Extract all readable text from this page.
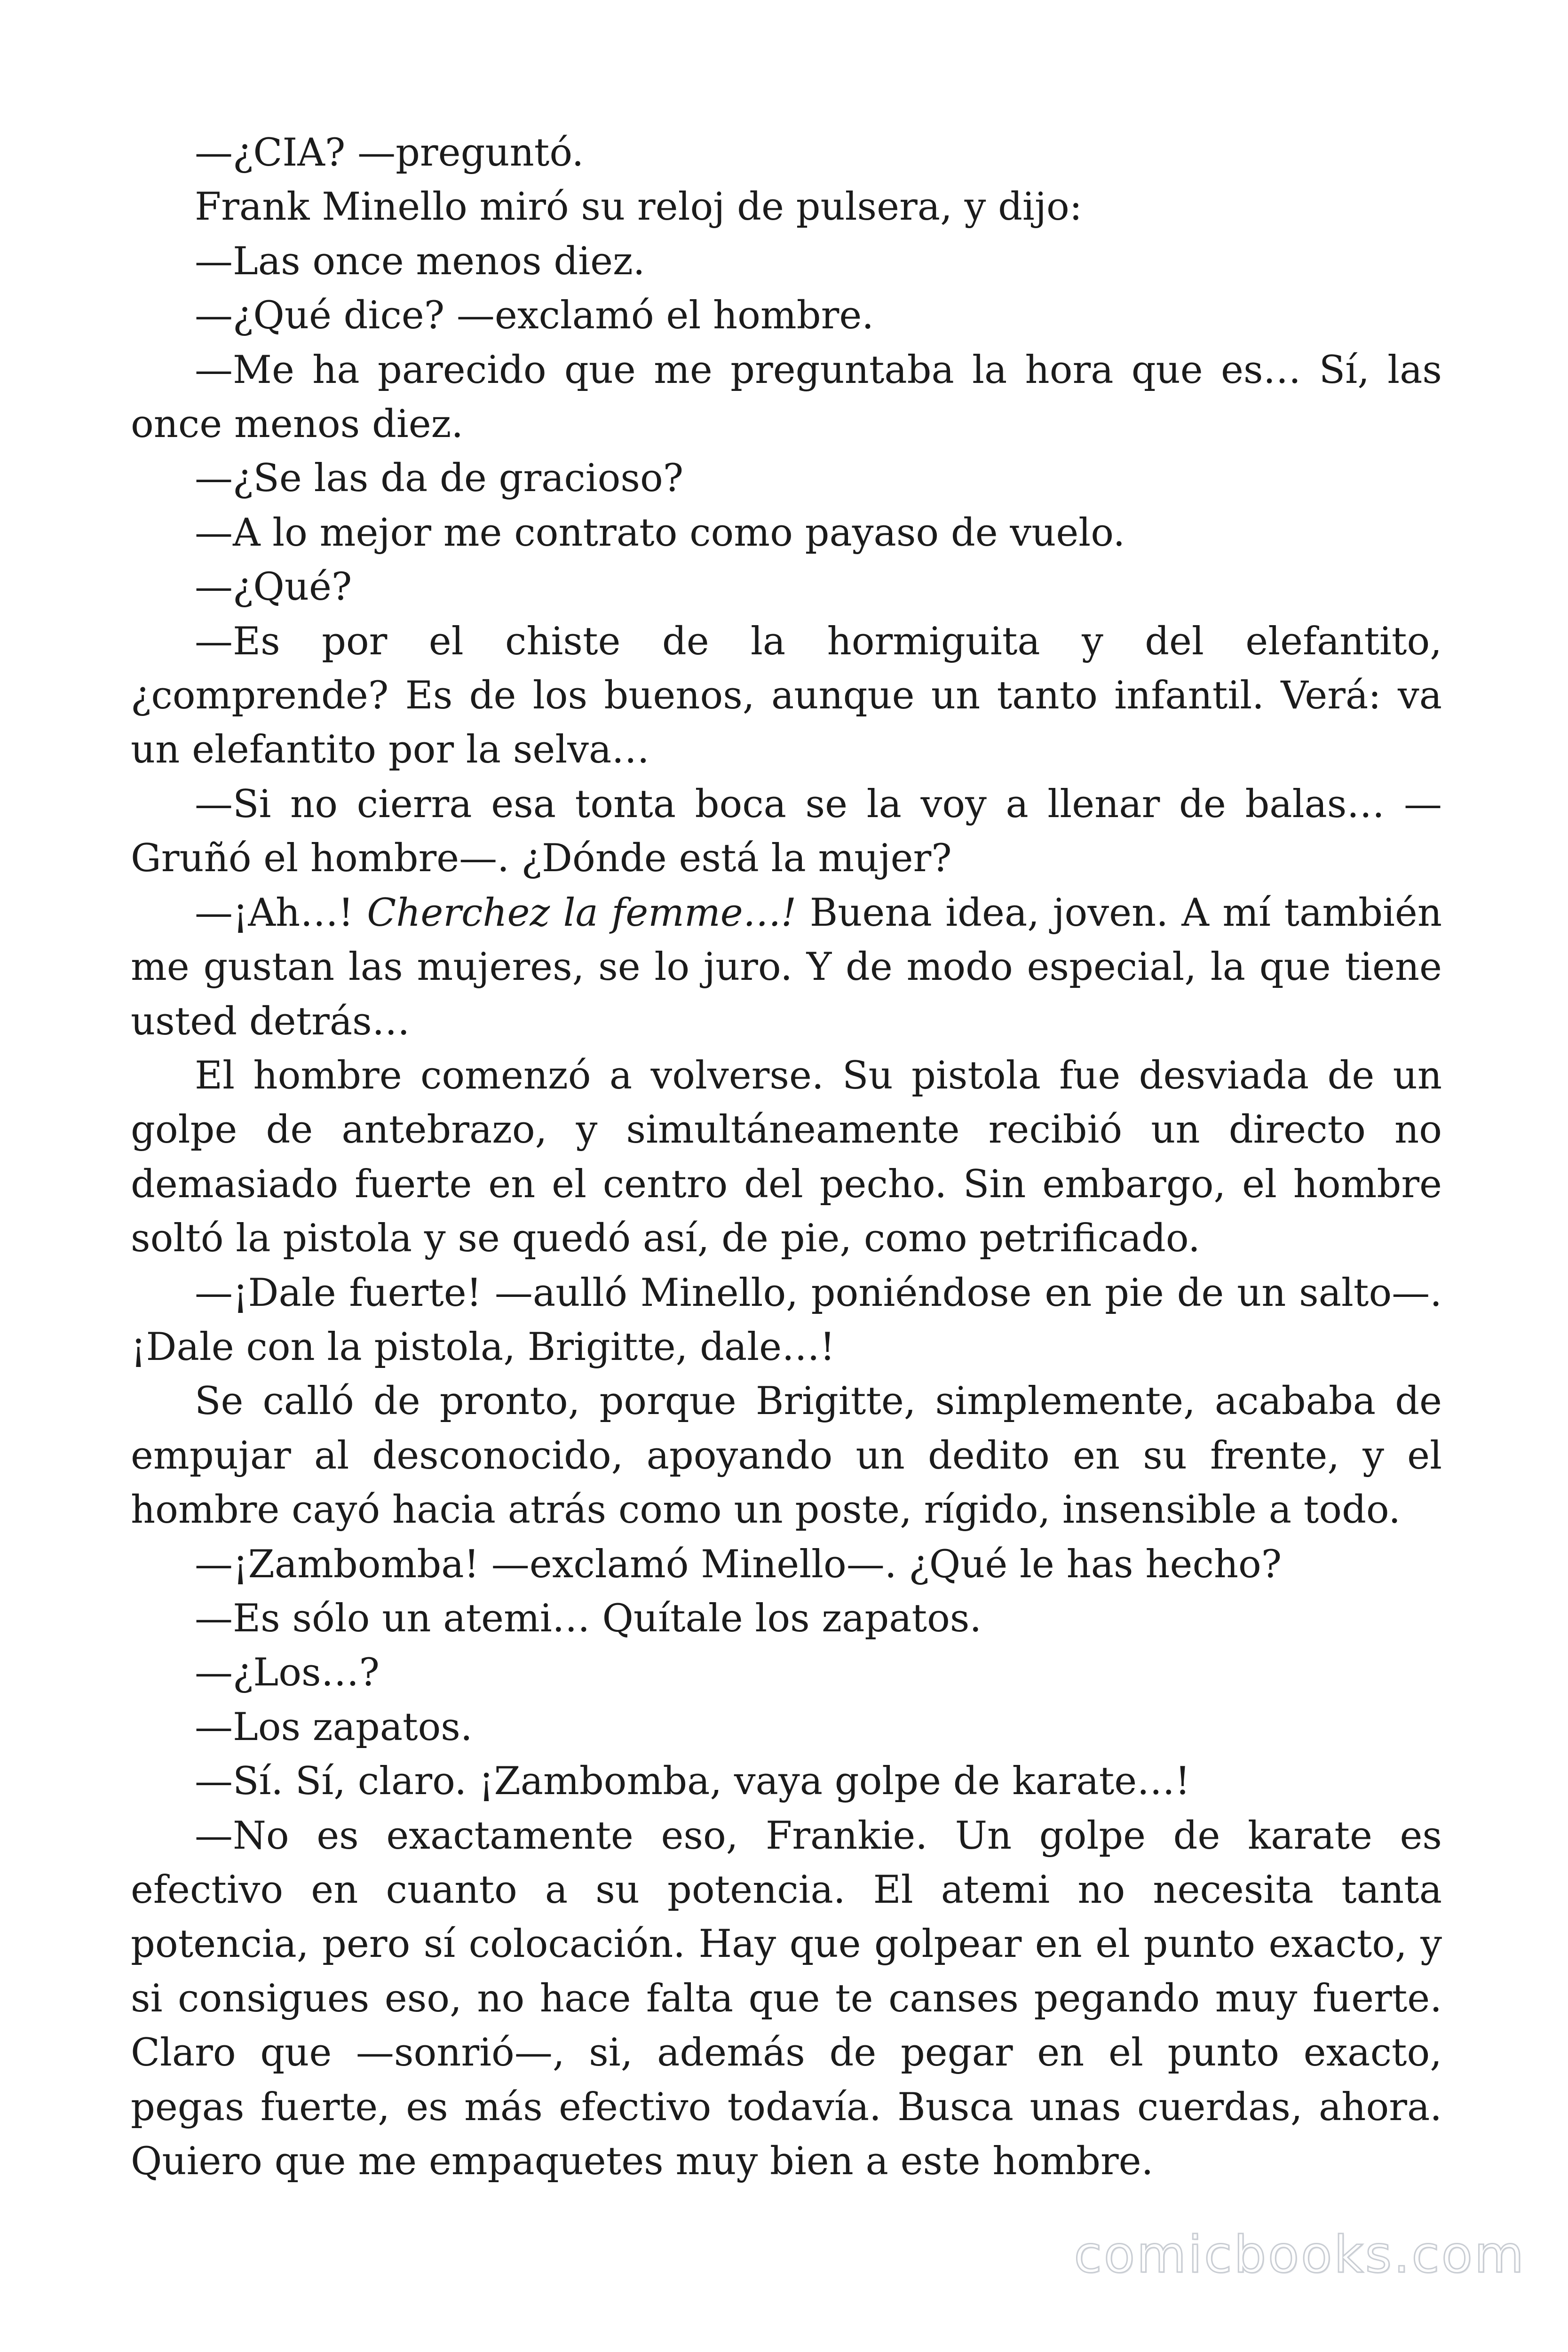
—¿CIA? —preguntó.

Frank Minello miró su reloj de pulsera, y dijo:

—Las once menos diez.

—¿Qué dice? —exclamó el hombre.

—Me ha parecido que me preguntaba la hora que es… Sí, las once menos diez.

—¿Se las da de gracioso?

—A lo mejor me contrato como payaso de vuelo.

—¿Qué?

—Es por el chiste de la hormiguita y del elefantito, ¿comprende? Es de los buenos, aunque un tanto infantil. Verá: va un elefantito por la selva…

—Si no cierra esa tonta boca se la voy a llenar de balas… —Gruñó el hombre—. ¿Dónde está la mujer?

—¡Ah…! Cherchez la femme…! Buena idea, joven. A mí también me gustan las mujeres, se lo juro. Y de modo especial, la que tiene usted detrás…

El hombre comenzó a volverse. Su pistola fue desviada de un golpe de antebrazo, y simultáneamente recibió un directo no demasiado fuerte en el centro del pecho. Sin embargo, el hombre soltó la pistola y se quedó así, de pie, como petrificado.

—¡Dale fuerte! —aulló Minello, poniéndose en pie de un salto—. ¡Dale con la pistola, Brigitte, dale…!

Se calló de pronto, porque Brigitte, simplemente, acababa de empujar al desconocido, apoyando un dedito en su frente, y el hombre cayó hacia atrás como un poste, rígido, insensible a todo.

—¡Zambomba! —exclamó Minello—. ¿Qué le has hecho?

—Es sólo un atemi… Quítale los zapatos.

—¿Los…?

—Los zapatos.

—Sí. Sí, claro. ¡Zambomba, vaya golpe de karate…!

—No es exactamente eso, Frankie. Un golpe de karate es efectivo en cuanto a su potencia. El atemi no necesita tanta potencia, pero sí colocación. Hay que golpear en el punto exacto, y si consigues eso, no hace falta que te canses pegando muy fuerte. Claro que —sonrió—, si, además de pegar en el punto exacto, pegas fuerte, es más efectivo todavía. Busca unas cuerdas, ahora. Quiero que me empaquetes muy bien a este hombre.

comicbooks.com
